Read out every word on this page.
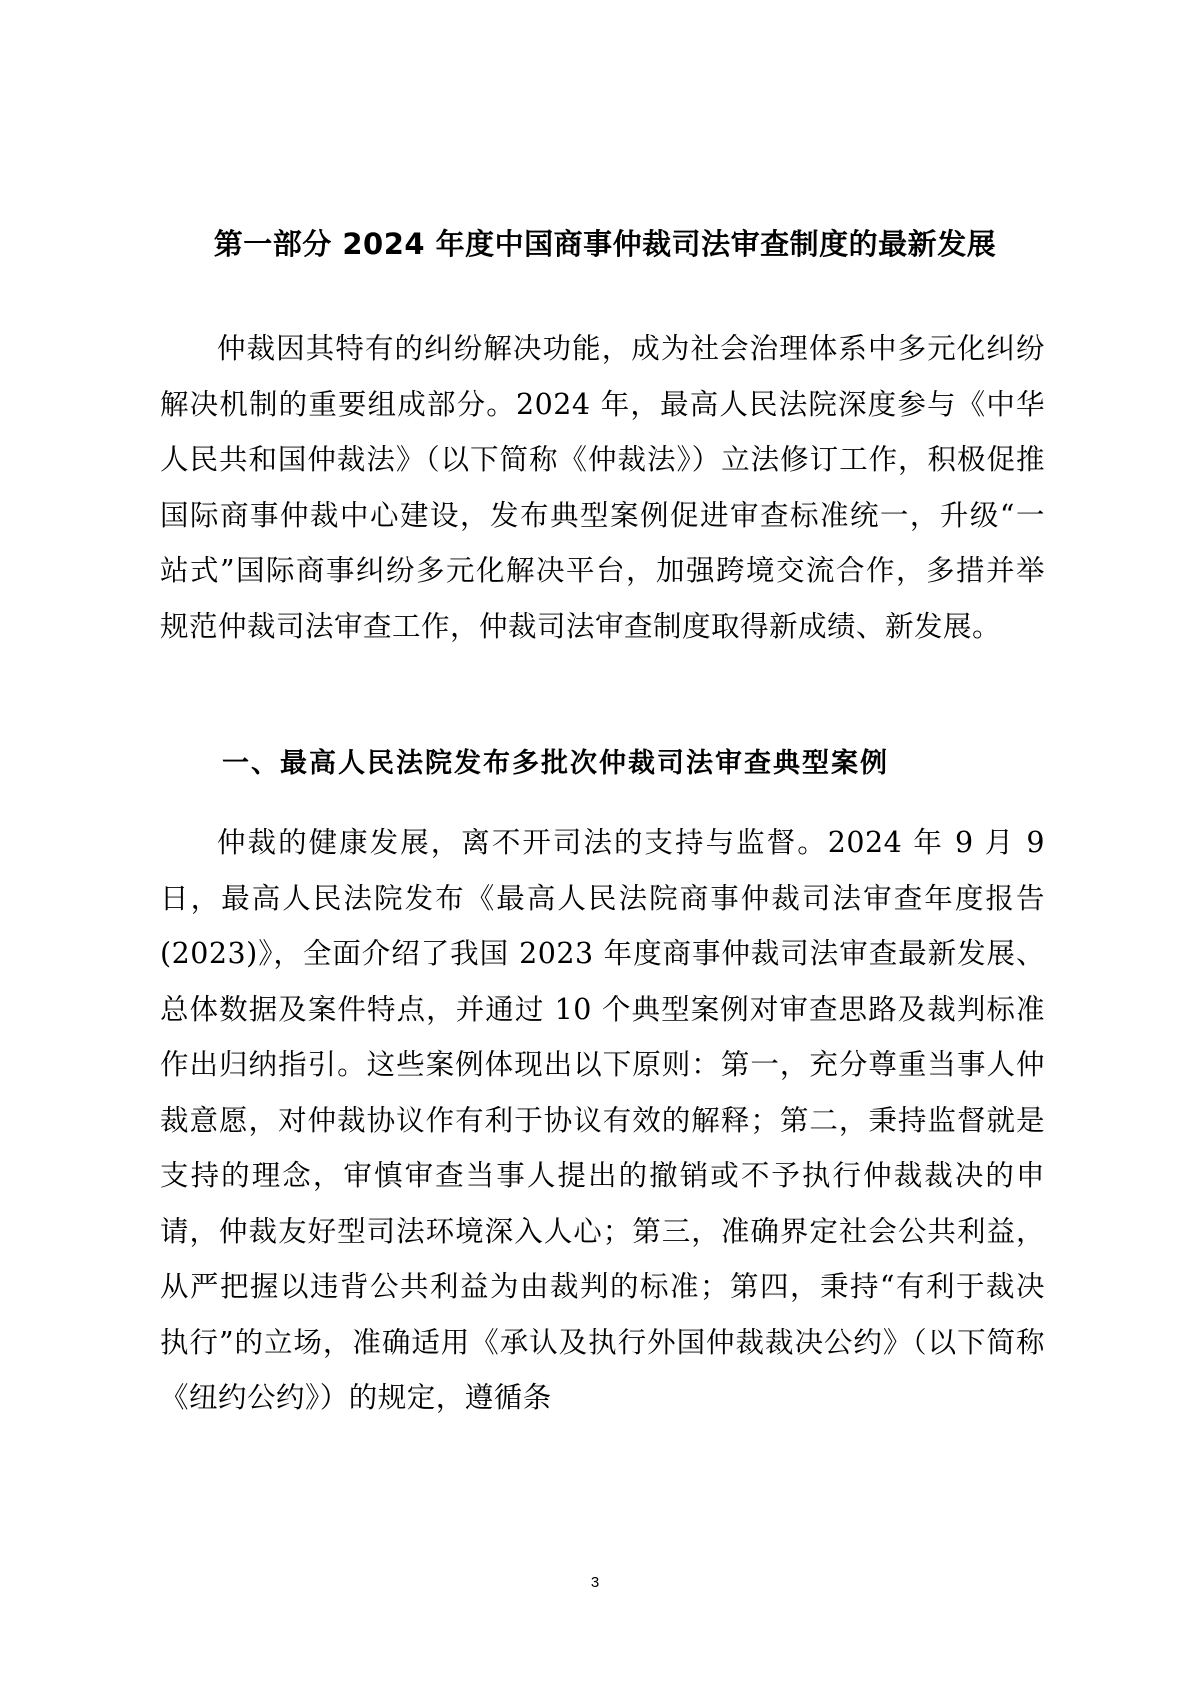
第一部分 2024 年度中国商事仲裁司法审查制度的最新发展

仲裁因其特有的纠纷解决功能，成为社会治理体系中多元化纠纷解决机制的重要组成部分。2024 年，最高人民法院深度参与《中华人民共和国仲裁法》（以下简称《仲裁法》）立法修订工作，积极促推国际商事仲裁中心建设，发布典型案例促进审查标准统一，升级“一站式”国际商事纠纷多元化解决平台，加强跨境交流合作，多措并举规范仲裁司法审查工作，仲裁司法审查制度取得新成绩、新发展。

一、最高人民法院发布多批次仲裁司法审查典型案例

仲裁的健康发展，离不开司法的支持与监督。2024 年 9 月 9 日，最高人民法院发布《最高人民法院商事仲裁司法审查年度报告(2023)》，全面介绍了我国 2023 年度商事仲裁司法审查最新发展、总体数据及案件特点，并通过 10 个典型案例对审查思路及裁判标准作出归纳指引。这些案例体现出以下原则：第一，充分尊重当事人仲裁意愿，对仲裁协议作有利于协议有效的解释；第二，秉持监督就是支持的理念，审慎审查当事人提出的撤销或不予执行仲裁裁决的申请，仲裁友好型司法环境深入人心；第三，准确界定社会公共利益，从严把握以违背公共利益为由裁判的标准；第四，秉持“有利于裁决执行”的立场，准确适用《承认及执行外国仲裁裁决公约》（以下简称《纽约公约》）的规定，遵循条

3
